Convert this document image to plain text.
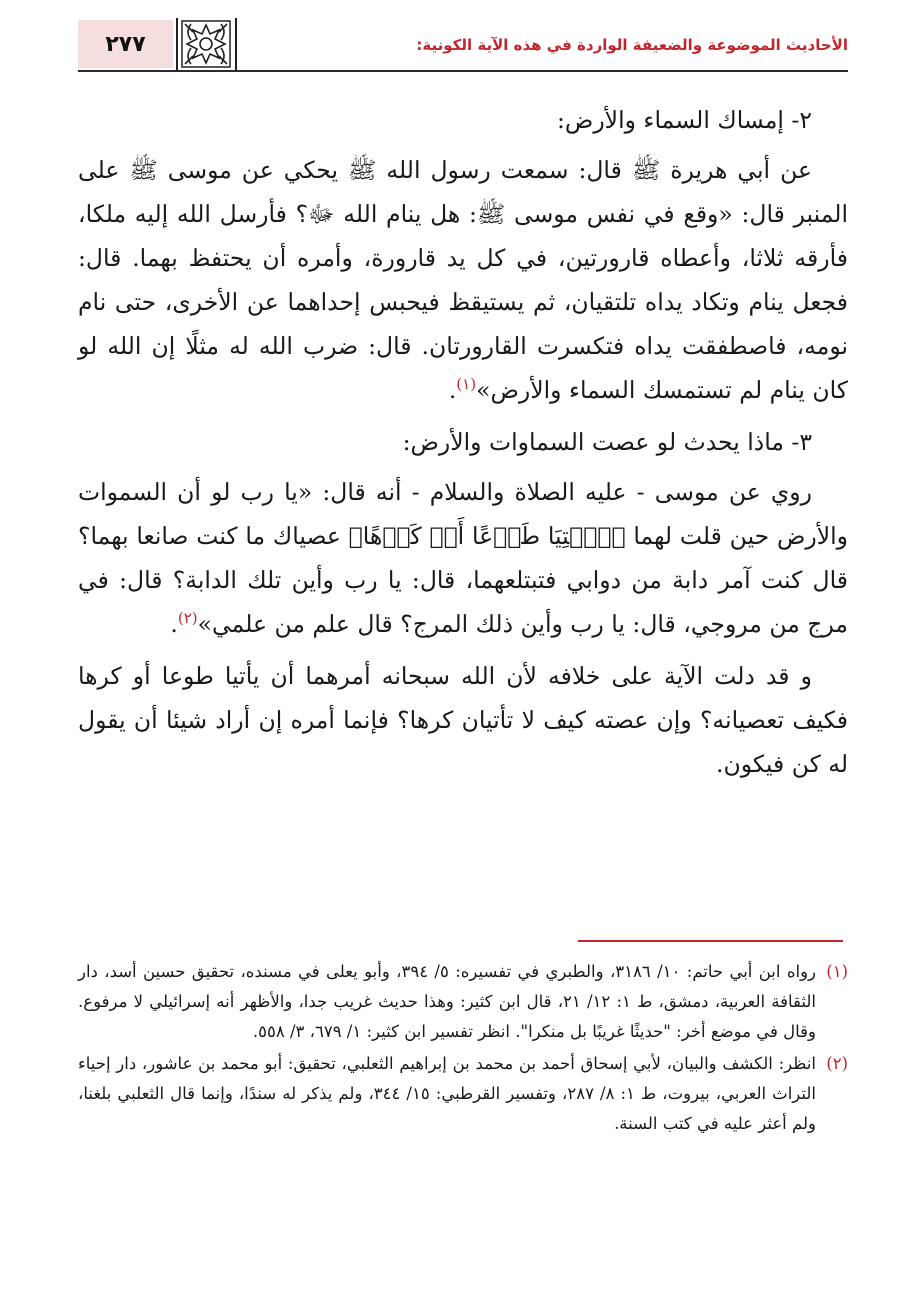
الأحاديث الموضوعة والضعيفة الواردة في هذه الآية الكونية:
٢٧٧

٢- إمساك السماء والأرض:

عن أبي هريرة ﷺ قال: سمعت رسول الله ﷺ يحكي عن موسى ﷺ على المنبر قال: «وقع في نفس موسى ﷺ: هل ينام الله ﷻ؟ فأرسل الله إليه ملكا، فأرقه ثلاثا، وأعطاه قارورتين، في كل يد قارورة، وأمره أن يحتفظ بهما. قال: فجعل ينام وتكاد يداه تلتقيان، ثم يستيقظ فيحبس إحداهما عن الأخرى، حتى نام نومه، فاصطفقت يداه فتكسرت القارورتان. قال: ضرب الله له مثلًا إن الله لو كان ينام لم تستمسك السماء والأرض»$^{(١)}$.

٣- ماذا يحدث لو عصت السماوات والأرض:

روي عن موسى - عليه الصلاة والسلام - أنه قال: «يا رب لو أن السموات والأرض حين قلت لهما ﴿ٱئۡتِيَا طَوۡعًا أَوۡ كَرۡهًا﴾ عصياك ما كنت صانعا بهما؟ قال كنت آمر دابة من دوابي فتبتلعهما، قال: يا رب وأين تلك الدابة؟ قال: في مرج من مروجي، قال: يا رب وأين ذلك المرج؟ قال علم من علمي»$^{(٢)}$.

و قد دلت الآية على خلافه لأن الله سبحانه أمرهما أن يأتيا طوعا أو كرها فكيف تعصيانه؟ وإن عصته كيف لا تأتيان كرها؟ فإنما أمره إن أراد شيئا أن يقول له كن فيكون.

(١)
رواه ابن أبي حاتم: ١٠/ ٣١٨٦، والطبري في تفسيره: ٥/ ٣٩٤، وأبو يعلى في مسنده، تحقيق حسين أسد، دار الثقافة العربية، دمشق، ط ١: ١٢/ ٢١، قال ابن كثير: وهذا حديث غريب جدا، والأظهر أنه إسرائيلي لا مرفوع. وقال في موضع أخر: "حديثًا غريبًا بل منكرا". انظر تفسير ابن كثير: ١/ ٦٧٩، ٣/ ٥٥٨.
(٢)
انظر: الكشف والبيان، لأبي إسحاق أحمد بن محمد بن إبراهيم الثعلبي، تحقيق: أبو محمد بن عاشور، دار إحياء التراث العربي، بيروت، ط ١: ٨/ ٢٨٧، وتفسير القرطبي: ١٥/ ٣٤٤، ولم يذكر له سندًا، وإنما قال الثعلبي بلغنا، ولم أعثر عليه في كتب السنة.
